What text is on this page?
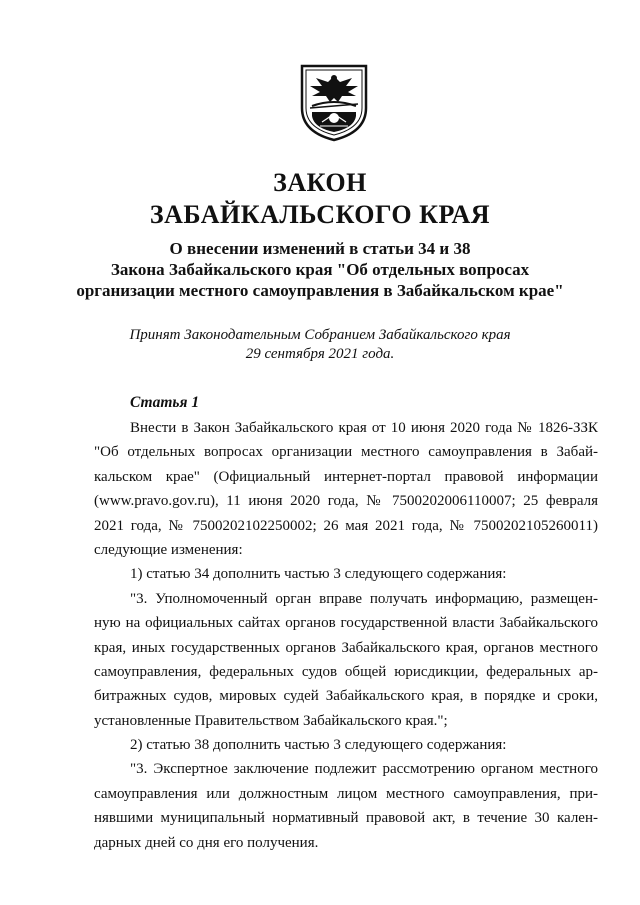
ЗАКОН
ЗАБАЙКАЛЬСКОГО КРАЯ
О внесении изменений в статьи 34 и 38
Закона Забайкальского края "Об отдельных вопросах
организации местного самоуправления в Забайкальском крае"
Принят Законодательным Собранием Забайкальского края
29 сентября 2021 года.
Статья 1
Внести в Закон Забайкальского края от 10 июня 2020 года № 1826-ЗЗК
"Об отдельных вопросах организации местного самоуправления в Забай-
кальском крае" (Официальный интернет-портал правовой информации
(www.pravo.gov.ru), 11 июня 2020 года, № 7500202006110007; 25 февраля
2021 года, № 7500202102250002; 26 мая 2021 года, № 7500202105260011)
следующие изменения:
1) статью 34 дополнить частью 3 следующего содержания:
"3. Уполномоченный орган вправе получать информацию, размещен-
ную на официальных сайтах органов государственной власти Забайкальского
края, иных государственных органов Забайкальского края, органов местного
самоуправления, федеральных судов общей юрисдикции, федеральных ар-
битражных судов, мировых судей Забайкальского края, в порядке и сроки,
установленные Правительством Забайкальского края.";
2) статью 38 дополнить частью 3 следующего содержания:
"3. Экспертное заключение подлежит рассмотрению органом местного
самоуправления или должностным лицом местного самоуправления, при-
нявшими муниципальный нормативный правовой акт, в течение 30 кален-
дарных дней со дня его получения.
